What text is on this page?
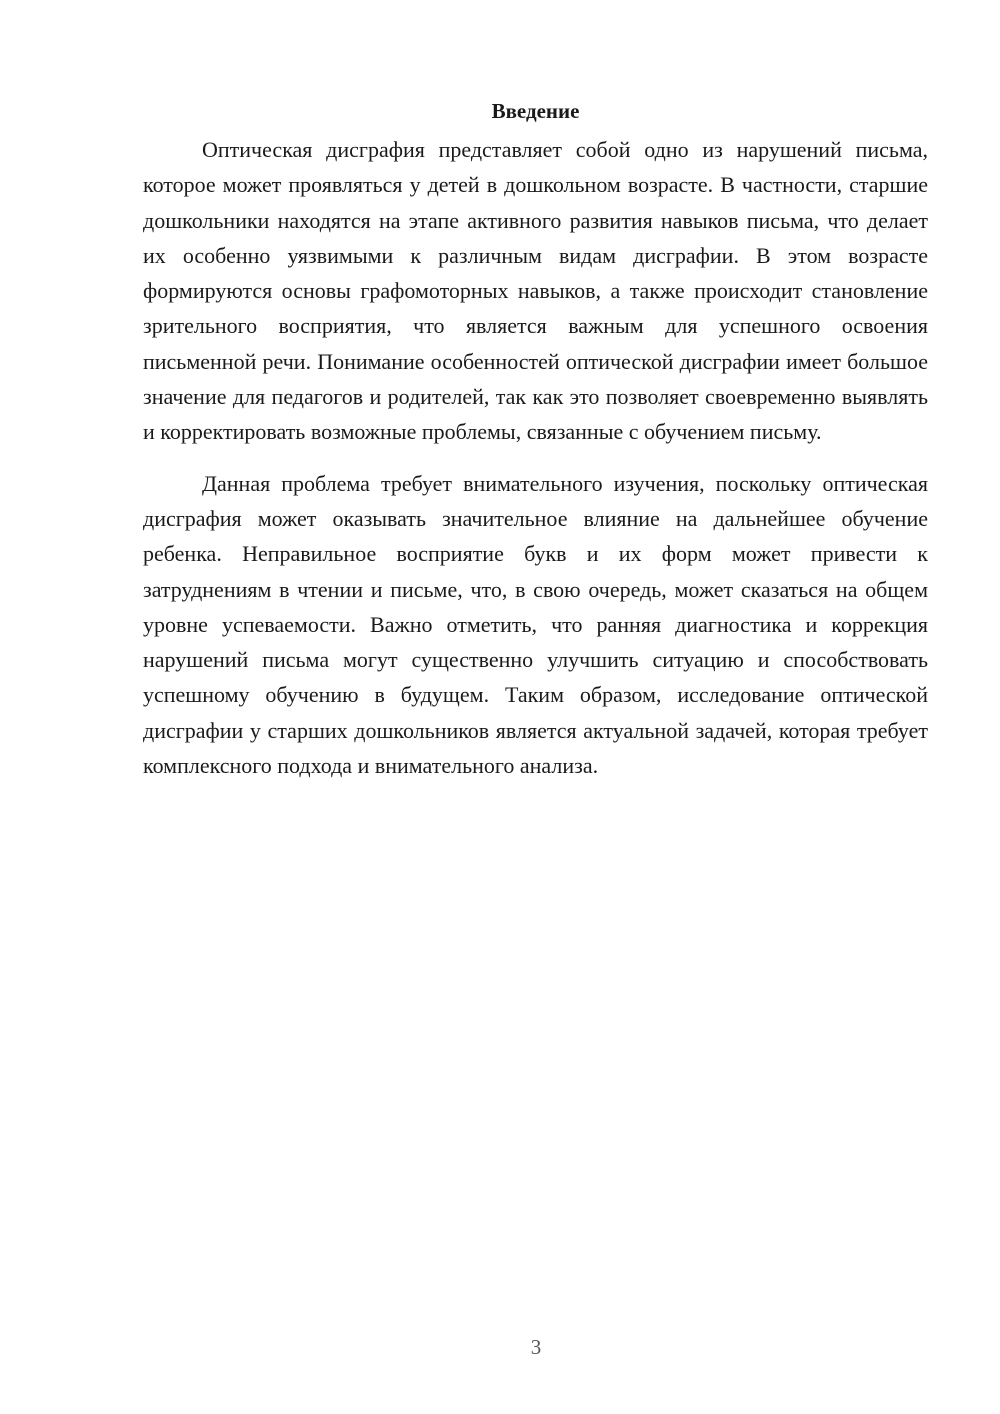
Введение

Оптическая дисграфия представляет собой одно из нарушений письма, которое может проявляться у детей в дошкольном возрасте. В частности, старшие дошкольники находятся на этапе активного развития навыков письма, что делает их особенно уязвимыми к различным видам дисграфии. В этом возрасте формируются основы графомоторных навыков, а также происходит становление зрительного восприятия, что является важным для успешного освоения письменной речи. Понимание особенностей оптической дисграфии имеет большое значение для педагогов и родителей, так как это позволяет своевременно выявлять и корректировать возможные проблемы, связанные с обучением письму.

Данная проблема требует внимательного изучения, поскольку оптическая дисграфия может оказывать значительное влияние на дальнейшее обучение ребенка. Неправильное восприятие букв и их форм может привести к затруднениям в чтении и письме, что, в свою очередь, может сказаться на общем уровне успеваемости. Важно отметить, что ранняя диагностика и коррекция нарушений письма могут существенно улучшить ситуацию и способствовать успешному обучению в будущем. Таким образом, исследование оптической дисграфии у старших дошкольников является актуальной задачей, которая требует комплексного подхода и внимательного анализа.

3
